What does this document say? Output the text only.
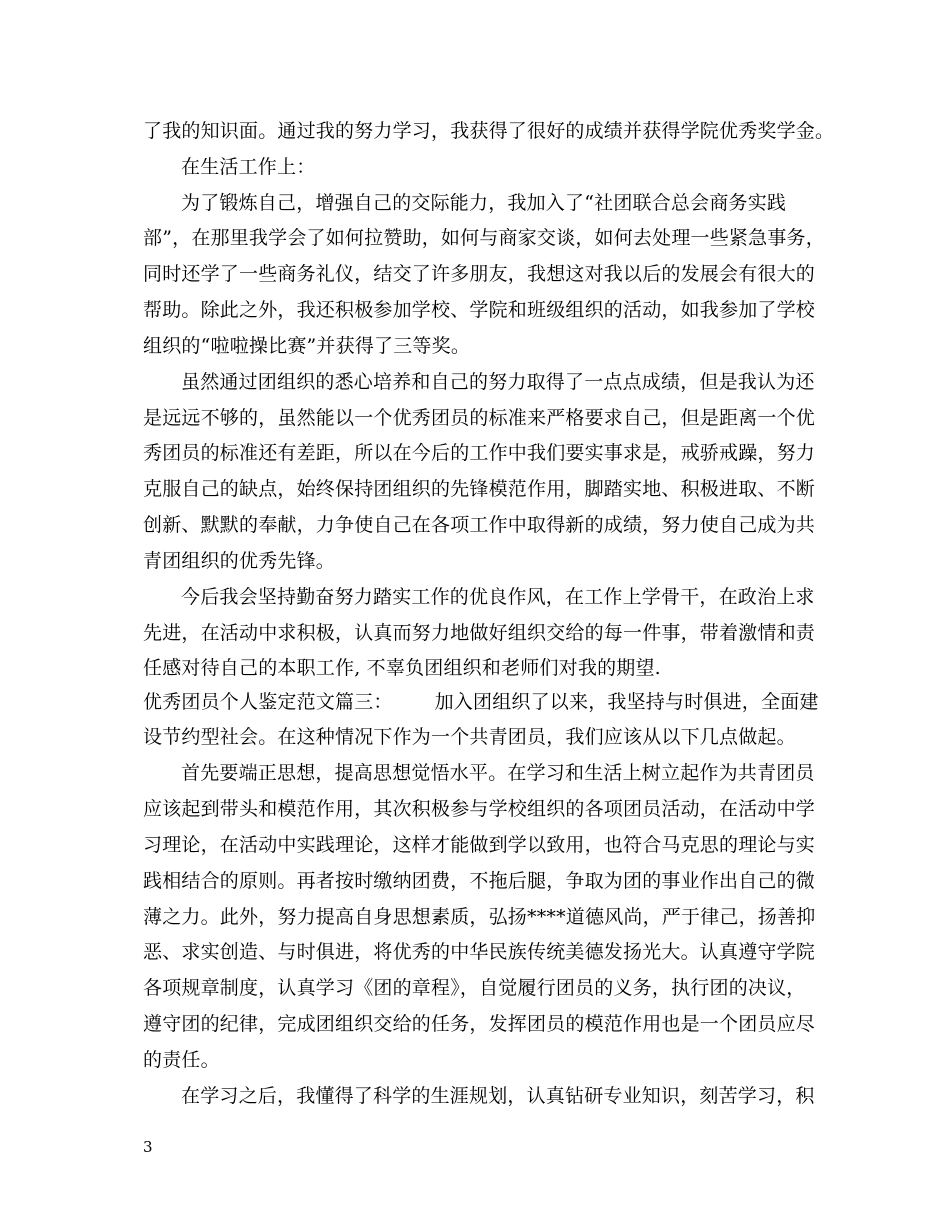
了我的知识面。通过我的努力学习，我获得了很好的成绩并获得学院优秀奖学金。
在生活工作上：
为了锻炼自己，增强自己的交际能力，我加入了“社团联合总会商务实践
部”，在那里我学会了如何拉赞助，如何与商家交谈，如何去处理一些紧急事务，
同时还学了一些商务礼仪，结交了许多朋友，我想这对我以后的发展会有很大的
帮助。除此之外，我还积极参加学校、学院和班级组织的活动，如我参加了学校
组织的“啦啦操比赛”并获得了三等奖。
虽然通过团组织的悉心培养和自己的努力取得了一点点成绩，但是我认为还
是远远不够的，虽然能以一个优秀团员的标准来严格要求自己，但是距离一个优
秀团员的标准还有差距，所以在今后的工作中我们要实事求是，戒骄戒躁，努力
克服自己的缺点，始终保持团组织的先锋模范作用，脚踏实地、积极进取、不断
创新、默默的奉献，力争使自己在各项工作中取得新的成绩，努力使自己成为共
青团组织的优秀先锋。
今后我会坚持勤奋努力踏实工作的优良作风，在工作上学骨干，在政治上求
先进，在活动中求积极，认真而努力地做好组织交给的每一件事，带着激情和责
任感对待自己的本职工作, 不辜负团组织和老师们对我的期望.
优秀团员个人鉴定范文篇三： 加入团组织了以来，我坚持与时俱进，全面建
设节约型社会。在这种情况下作为一个共青团员，我们应该从以下几点做起。
首先要端正思想，提高思想觉悟水平。在学习和生活上树立起作为共青团员
应该起到带头和模范作用，其次积极参与学校组织的各项团员活动，在活动中学
习理论，在活动中实践理论，这样才能做到学以致用，也符合马克思的理论与实
践相结合的原则。再者按时缴纳团费，不拖后腿，争取为团的事业作出自己的微
薄之力。此外，努力提高自身思想素质，弘扬****道德风尚，严于律己，扬善抑
恶、求实创造、与时俱进，将优秀的中华民族传统美德发扬光大。认真遵守学院
各项规章制度，认真学习《团的章程》，自觉履行团员的义务，执行团的决议，
遵守团的纪律，完成团组织交给的任务，发挥团员的模范作用也是一个团员应尽
的责任。
在学习之后，我懂得了科学的生涯规划，认真钻研专业知识，刻苦学习，积
3
